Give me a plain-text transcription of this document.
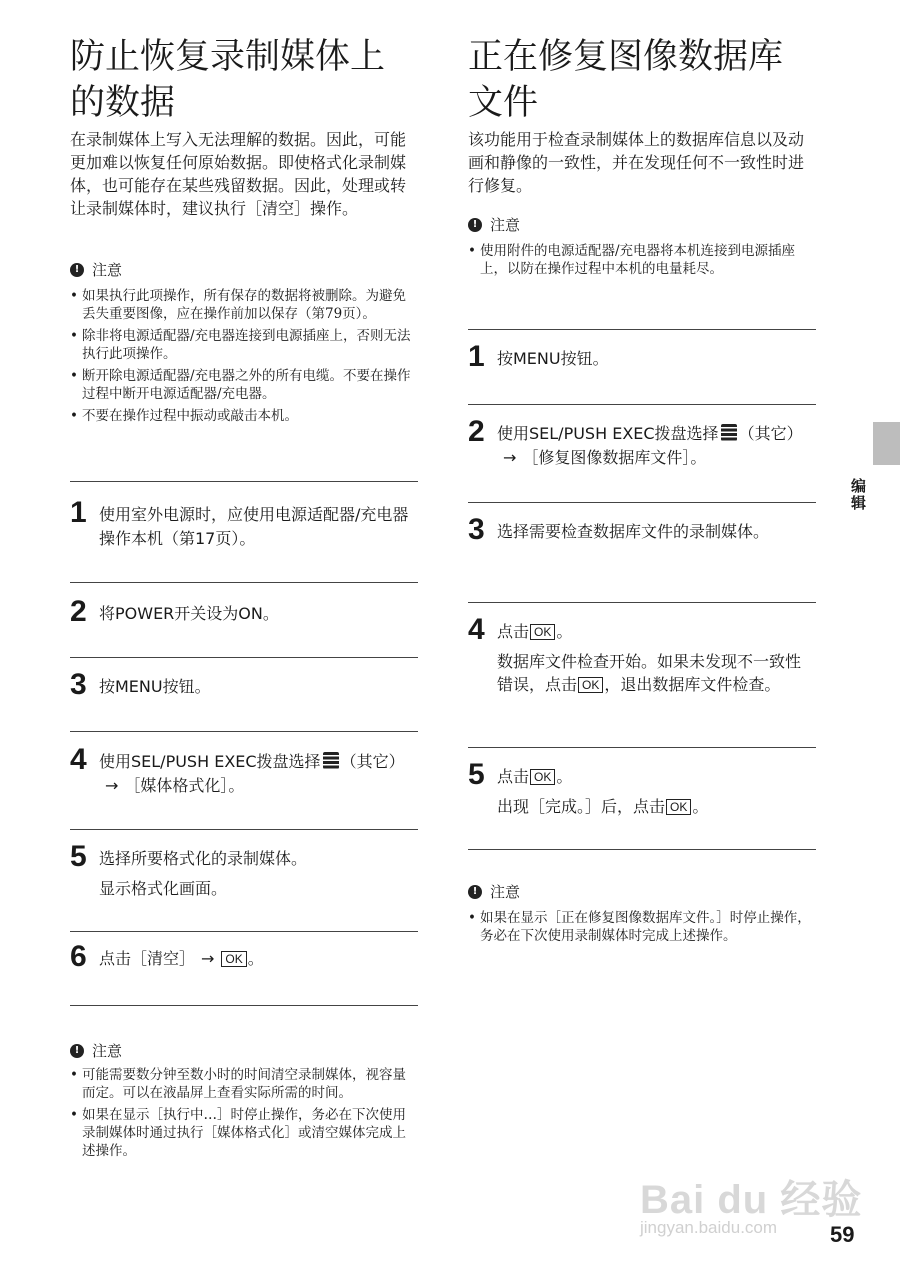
防止恢复录制媒体上的数据

在录制媒体上写入无法理解的数据。因此，可能更加难以恢复任何原始数据。即使格式化录制媒体，也可能存在某些残留数据。因此，处理或转让录制媒体时，建议执行［清空］操作。

! 注意
• 如果执行此项操作，所有保存的数据将被删除。为避免丢失重要图像，应在操作前加以保存（第79页）。
• 除非将电源适配器/充电器连接到电源插座上，否则无法执行此项操作。
• 断开除电源适配器/充电器之外的所有电缆。不要在操作过程中断开电源适配器/充电器。
• 不要在操作过程中振动或敲击本机。
1 使用室外电源时，应使用电源适配器/充电器操作本机（第17页）。
2 将POWER开关设为ON。
3 按MENU按钮。
4 使用SEL/PUSH EXEC拨盘选择 （其它）→ ［媒体格式化］。
5 选择所要格式化的录制媒体。
显示格式化画面。
6 点击［清空］ → OK 。
! 注意
• 可能需要数分钟至数小时的时间清空录制媒体，视容量而定。可以在液晶屏上查看实际所需的时间。
• 如果在显示［执行中…］时停止操作，务必在下次使用录制媒体时通过执行［媒体格式化］或清空媒体完成上述操作。
正在修复图像数据库文件

该功能用于检查录制媒体上的数据库信息以及动画和静像的一致性，并在发现任何不一致性时进行修复。

! 注意
• 使用附件的电源适配器/充电器将本机连接到电源插座上，以防在操作过程中本机的电量耗尽。
1 按MENU按钮。
2 使用SEL/PUSH EXEC拨盘选择 （其它）→ ［修复图像数据库文件］。
3 选择需要检查数据库文件的录制媒体。
4 点击 OK 。
数据库文件检查开始。如果未发现不一致性错误，点击 OK ，退出数据库文件检查。
5 点击 OK 。
出现［完成。］后，点击 OK 。
! 注意
• 如果在显示［正在修复图像数据库文件。］时停止操作，务必在下次使用录制媒体时完成上述操作。
编辑
Bai du 经验
jingyan.baidu.com 59
